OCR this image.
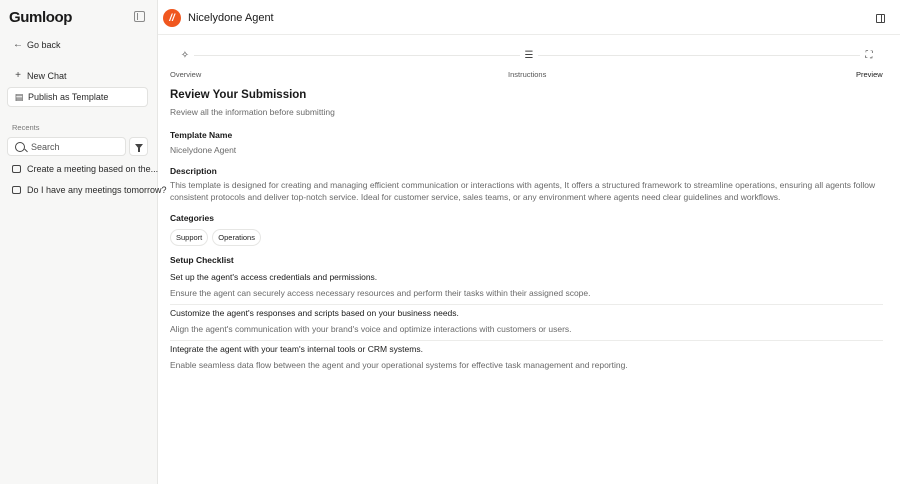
Gumloop
← Go back
+ New Chat
▤ Publish as Template
Recents
Search
Create a meeting based on the...
Do I have any meetings tomorrow?
// Nicelydone Agent
✧	☰	⛶
Overview	Instructions	Preview
Review Your Submission
Review all the information before submitting
Template Name
Nicelydone Agent
Description
This template is designed for creating and managing efficient communication or interactions with agents, It offers a structured framework to streamline operations, ensuring all agents follow consistent protocols and deliver top-notch service. Ideal for customer service, sales teams, or any environment where agents need clear guidelines and workflows.
Categories
Support	Operations
Setup Checklist
Set up the agent's access credentials and permissions.
Ensure the agent can securely access necessary resources and perform their tasks within their assigned scope.
Customize the agent's responses and scripts based on your business needs.
Align the agent's communication with your brand's voice and optimize interactions with customers or users.
Integrate the agent with your team's internal tools or CRM systems.
Enable seamless data flow between the agent and your operational systems for effective task management and reporting.
